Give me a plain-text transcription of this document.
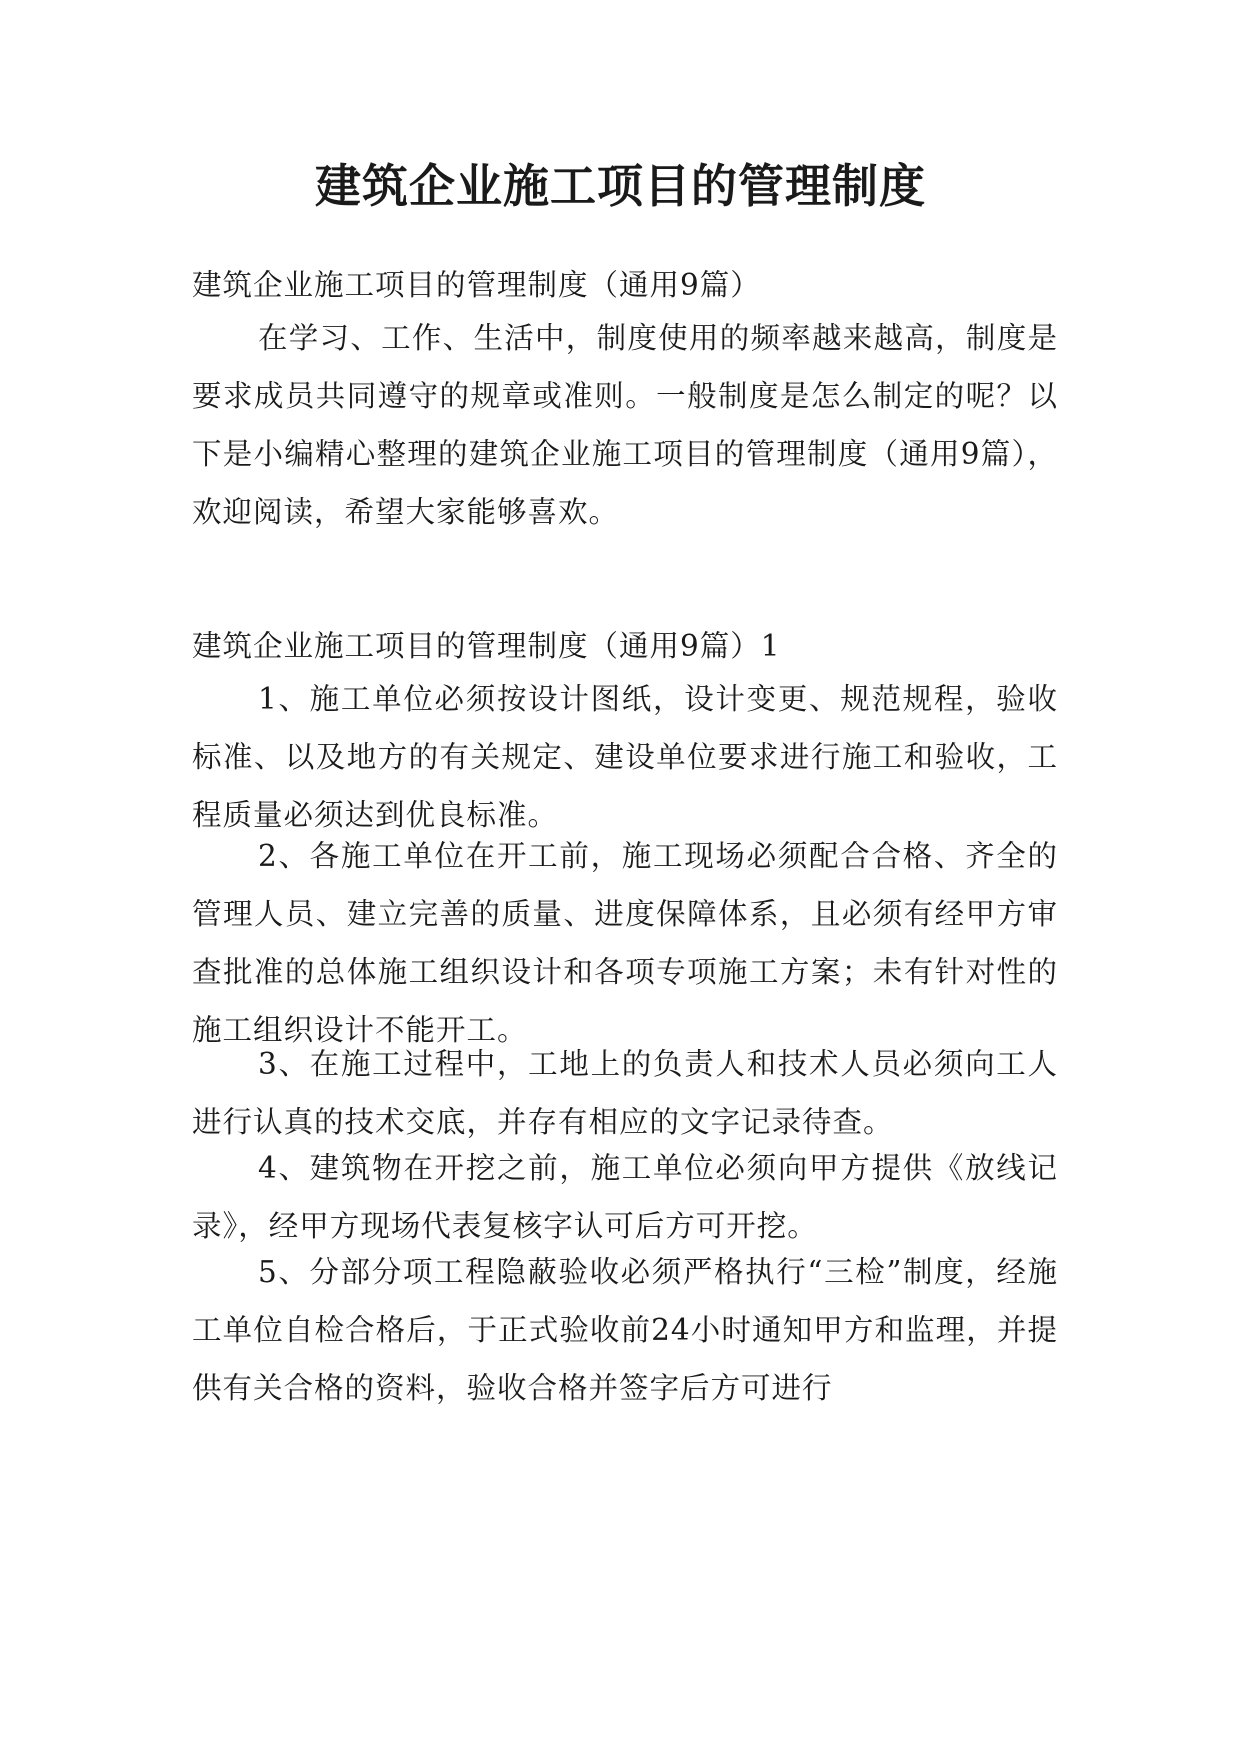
建筑企业施工项目的管理制度

建筑企业施工项目的管理制度（通用9篇）

在学习、工作、生活中，制度使用的频率越来越高，制度是要求成员共同遵守的规章或准则。一般制度是怎么制定的呢？以下是小编精心整理的建筑企业施工项目的管理制度（通用9篇），欢迎阅读，希望大家能够喜欢。

建筑企业施工项目的管理制度（通用9篇）1

1、施工单位必须按设计图纸，设计变更、规范规程，验收标准、以及地方的有关规定、建设单位要求进行施工和验收，工程质量必须达到优良标准。

2、各施工单位在开工前，施工现场必须配合合格、齐全的管理人员、建立完善的质量、进度保障体系，且必须有经甲方审查批准的总体施工组织设计和各项专项施工方案；未有针对性的施工组织设计不能开工。

3、在施工过程中，工地上的负责人和技术人员必须向工人进行认真的技术交底，并存有相应的文字记录待查。

4、建筑物在开挖之前，施工单位必须向甲方提供《放线记录》，经甲方现场代表复核字认可后方可开挖。

5、分部分项工程隐蔽验收必须严格执行“三检”制度，经施工单位自检合格后，于正式验收前24小时通知甲方和监理，并提供有关合格的资料，验收合格并签字后方可进行
